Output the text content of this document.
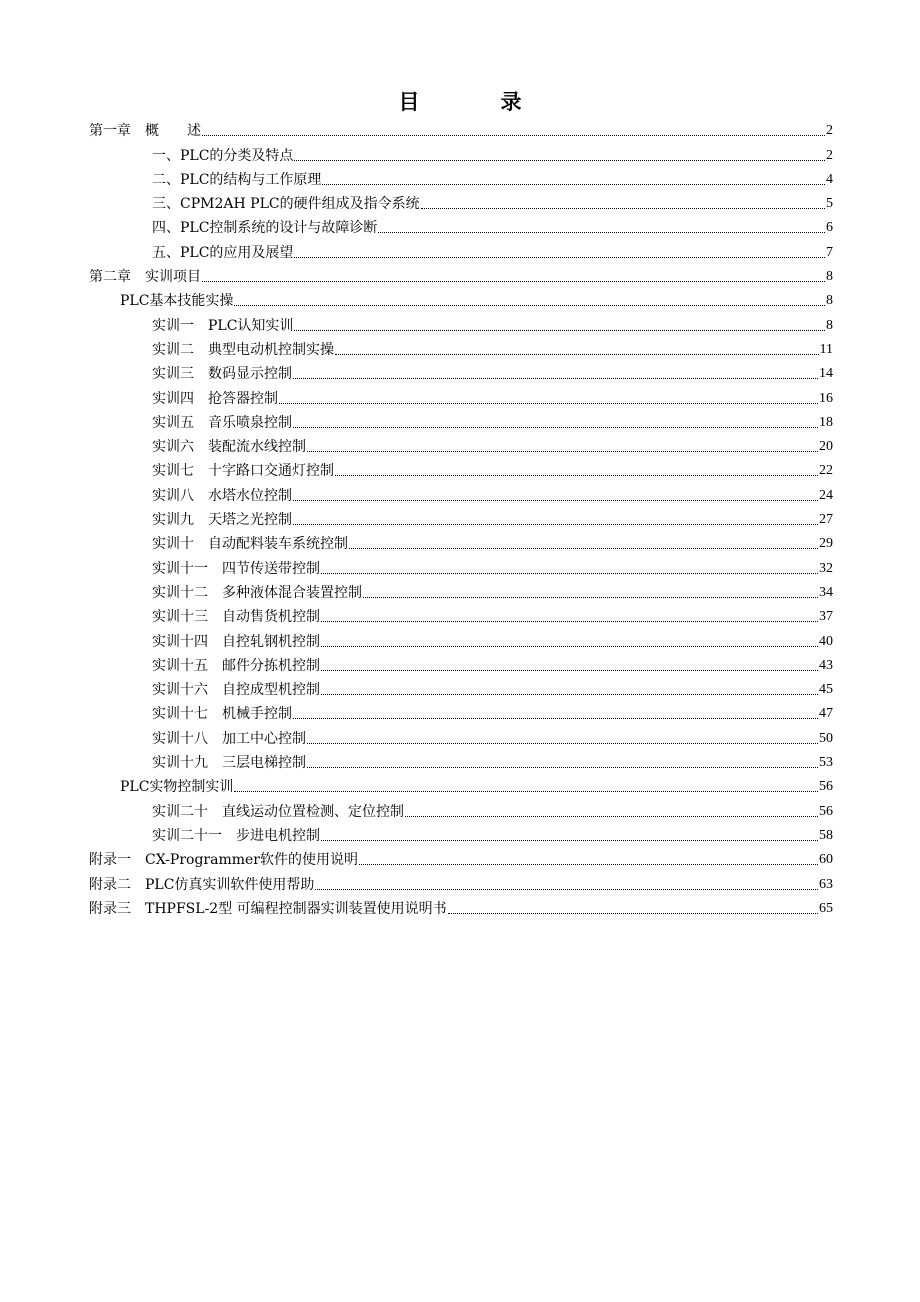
目　录
第一章　概　　述	2
一、PLC的分类及特点	2
二、PLC的结构与工作原理	4
三、CPM2AH PLC的硬件组成及指令系统	5
四、PLC控制系统的设计与故障诊断	6
五、PLC的应用及展望	7
第二章　实训项目	8
PLC基本技能实操	8
实训一　PLC认知实训	8
实训二　典型电动机控制实操	11
实训三　数码显示控制	14
实训四　抢答器控制	16
实训五　音乐喷泉控制	18
实训六　装配流水线控制	20
实训七　十字路口交通灯控制	22
实训八　水塔水位控制	24
实训九　天塔之光控制	27
实训十　自动配料装车系统控制	29
实训十一　四节传送带控制	32
实训十二　多种液体混合装置控制	34
实训十三　自动售货机控制	37
实训十四　自控轧钢机控制	40
实训十五　邮件分拣机控制	43
实训十六　自控成型机控制	45
实训十七　机械手控制	47
实训十八　加工中心控制	50
实训十九　三层电梯控制	53
PLC实物控制实训	56
实训二十　直线运动位置检测、定位控制	56
实训二十一　步进电机控制	58
附录一　CX-Programmer软件的使用说明	60
附录二　PLC仿真实训软件使用帮助	63
附录三　THPFSL-2型 可编程控制器实训装置使用说明书	65
